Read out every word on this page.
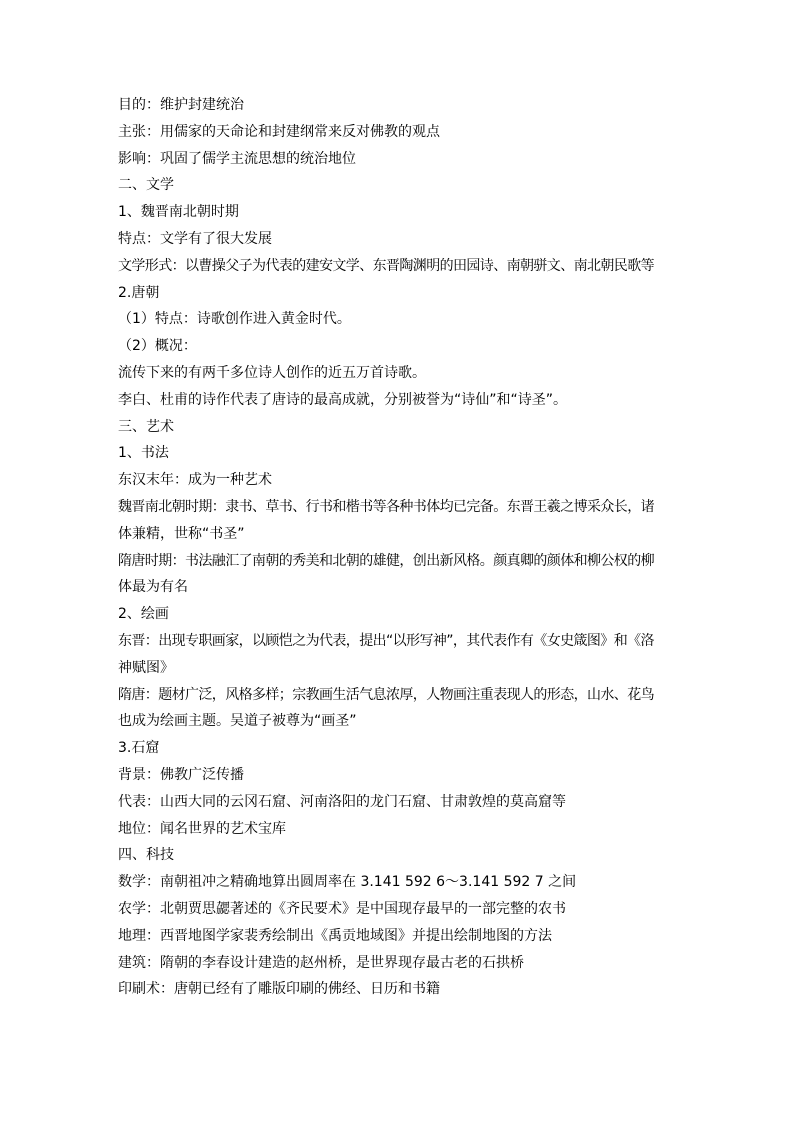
目的：维护封建统治
主张：用儒家的天命论和封建纲常来反对佛教的观点
影响：巩固了儒学主流思想的统治地位
二、文学
1、魏晋南北朝时期
特点：文学有了很大发展
文学形式：以曹操父子为代表的建安文学、东晋陶渊明的田园诗、南朝骈文、南北朝民歌等
2.唐朝
（1）特点：诗歌创作进入黄金时代。
（2）概况：
流传下来的有两千多位诗人创作的近五万首诗歌。
李白、杜甫的诗作代表了唐诗的最高成就，分别被誉为“诗仙”和“诗圣”。
三、艺术
1、书法
东汉末年：成为一种艺术
魏晋南北朝时期：隶书、草书、行书和楷书等各种书体均已完备。东晋王羲之博采众长，诸
体兼精，世称“书圣”
隋唐时期：书法融汇了南朝的秀美和北朝的雄健，创出新风格。颜真卿的颜体和柳公权的柳
体最为有名
2、绘画
东晋：出现专职画家，以顾恺之为代表，提出“以形写神”，其代表作有《女史箴图》和《洛
神赋图》
隋唐：题材广泛，风格多样；宗教画生活气息浓厚，人物画注重表现人的形态，山水、花鸟
也成为绘画主题。吴道子被尊为“画圣”
3.石窟
背景：佛教广泛传播
代表：山西大同的云冈石窟、河南洛阳的龙门石窟、甘肃敦煌的莫高窟等
地位：闻名世界的艺术宝库
四、科技
数学：南朝祖冲之精确地算出圆周率在 3.141 592 6～3.141 592 7 之间
农学：北朝贾思勰著述的《齐民要术》是中国现存最早的一部完整的农书
地理：西晋地图学家裴秀绘制出《禹贡地域图》并提出绘制地图的方法
建筑：隋朝的李春设计建造的赵州桥，是世界现存最古老的石拱桥
印刷术：唐朝已经有了雕版印刷的佛经、日历和书籍
